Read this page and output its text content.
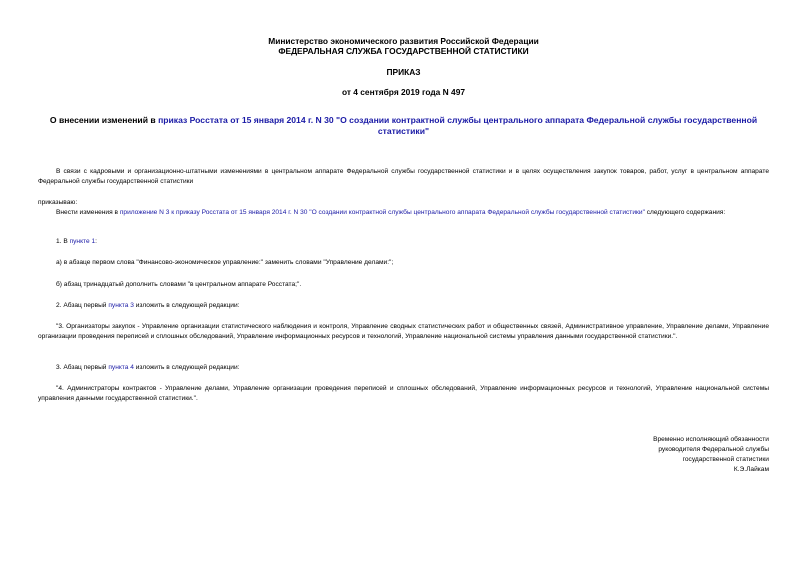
Министерство экономического развития Российской Федерации
ФЕДЕРАЛЬНАЯ СЛУЖБА ГОСУДАРСТВЕННОЙ СТАТИСТИКИ
ПРИКАЗ
от 4 сентября 2019 года N 497
О внесении изменений в приказ Росстата от 15 января 2014 г. N 30 "О создании контрактной службы центрального аппарата Федеральной службы государственной статистики"
В связи с кадровыми и организационно-штатными изменениями в центральном аппарате Федеральной службы государственной статистики и в целях осуществления закупок товаров, работ, услуг в центральном аппарате Федеральной службы государственной статистики
приказываю:
Внести изменения в приложение N 3 к приказу Росстата от 15 января 2014 г. N 30 "О создании контрактной службы центрального аппарата Федеральной службы государственной статистики" следующего содержания:
1. В пункте 1:
а) в абзаце первом слова "Финансово-экономическое управление:" заменить словами "Управление делами:";
б) абзац тринадцатый дополнить словами "в центральном аппарате Росстата;".
2. Абзац первый пункта 3 изложить в следующей редакции:
"3. Организаторы закупок - Управление организации статистического наблюдения и контроля, Управление сводных статистических работ и общественных связей, Административное управление, Управление делами, Управление организации проведения переписей и сплошных обследований, Управление информационных ресурсов и технологий, Управление национальной системы управления данными государственной статистики.".
3. Абзац первый пункта 4 изложить в следующей редакции:
"4. Администраторы контрактов - Управление делами, Управление организации проведения переписей и сплошных обследований, Управление информационных ресурсов и технологий, Управление национальной системы управления данными государственной статистики.".
Временно исполняющий обязанности
руководителя Федеральной службы
государственной статистики
К.Э.Лайкам
